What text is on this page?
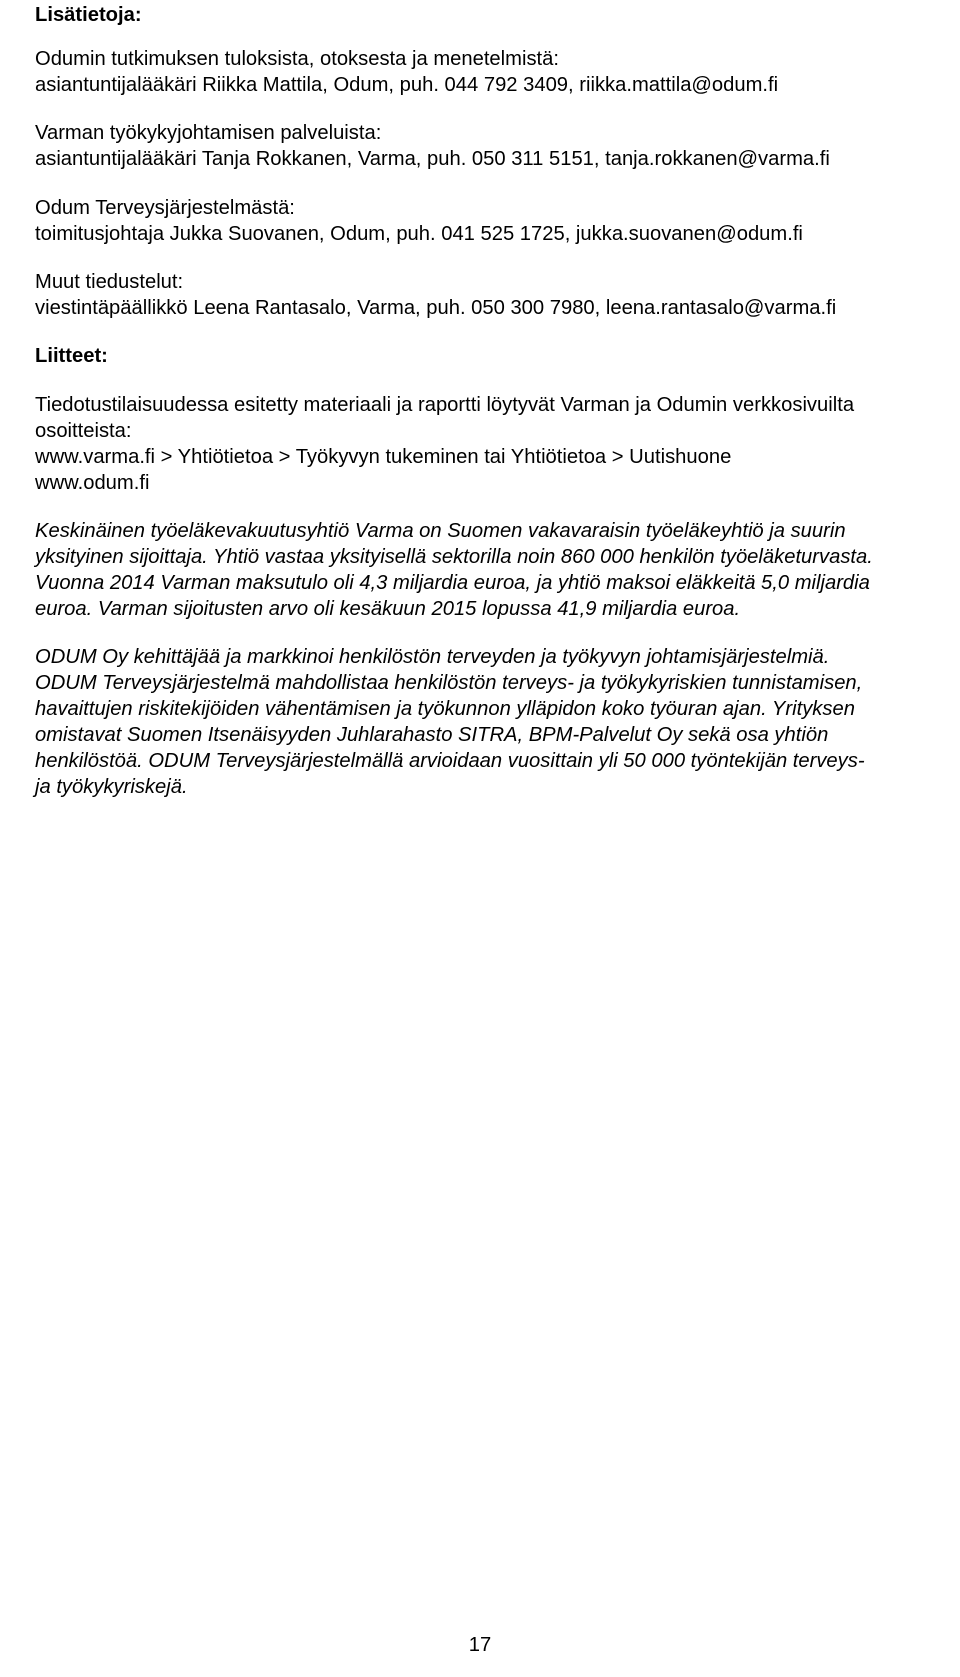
Lisätietoja:

Odumin tutkimuksen tuloksista, otoksesta ja menetelmistä:

asiantuntijalääkäri Riikka Mattila, Odum, puh. 044 792 3409, riikka.mattila@odum.fi

Varman työkykyjohtamisen palveluista:

asiantuntijalääkäri Tanja Rokkanen, Varma, puh. 050 311 5151, tanja.rokkanen@varma.fi

Odum Terveysjärjestelmästä:

toimitusjohtaja Jukka Suovanen, Odum, puh. 041 525 1725, jukka.suovanen@odum.fi

Muut tiedustelut:

viestintäpäällikkö Leena Rantasalo, Varma, puh. 050 300 7980, leena.rantasalo@varma.fi

Liitteet:

Tiedotustilaisuudessa esitetty materiaali ja raportti löytyvät Varman ja Odumin verkkosivuilta

osoitteista:

www.varma.fi > Yhtiötietoa > Työkyvyn tukeminen tai Yhtiötietoa > Uutishuone

www.odum.fi

Keskinäinen työeläkevakuutusyhtiö Varma on Suomen vakavaraisin työeläkeyhtiö ja suurin

yksityinen sijoittaja. Yhtiö vastaa yksityisellä sektorilla noin 860 000 henkilön työeläketurvasta.

Vuonna 2014 Varman maksutulo oli 4,3 miljardia euroa, ja yhtiö maksoi eläkkeitä 5,0 miljardia

euroa. Varman sijoitusten arvo oli kesäkuun 2015 lopussa 41,9 miljardia euroa.

ODUM Oy kehittäjää ja markkinoi henkilöstön terveyden ja työkyvyn johtamisjärjestelmiä.

ODUM Terveysjärjestelmä mahdollistaa henkilöstön terveys- ja työkykyriskien tunnistamisen,

havaittujen riskitekijöiden vähentämisen ja työkunnon ylläpidon koko työuran ajan. Yrityksen

omistavat Suomen Itsenäisyyden Juhlarahasto SITRA, BPM-Palvelut Oy sekä osa yhtiön

henkilöstöä. ODUM Terveysjärjestelmällä arvioidaan vuosittain yli 50 000 työntekijän terveys-

ja työkykyriskejä.

17
